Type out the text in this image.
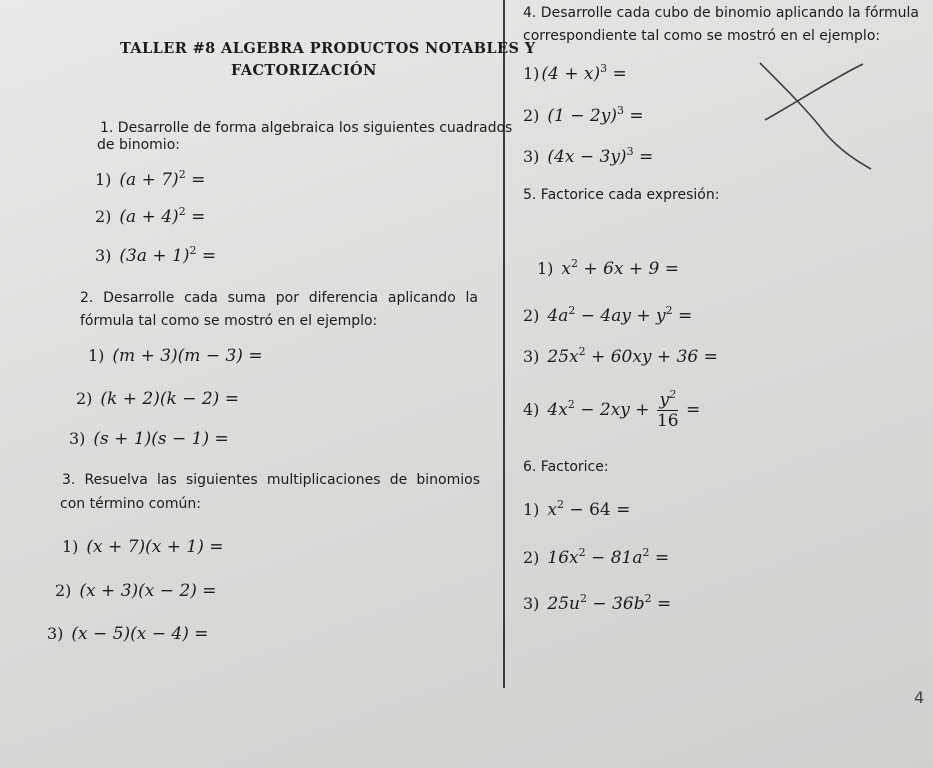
TALLER #8 ALGEBRA PRODUCTOS NOTABLES Y
FACTORIZACIÓN
1. Desarrolle de forma algebraica los siguientes cuadrados
de binomio:
1) $(a + 7)^2$ =
2) $(a + 4)^2$ =
3) $(3a + 1)^2$ =
2. Desarrolle cada suma por diferencia aplicando la
fórmula tal como se mostró en el ejemplo:
1) (m + 3)(m − 3) =
2) (k + 2)(k − 2) =
3) (s + 1)(s − 1) =
3. Resuelva las siguientes multiplicaciones de binomios
con término común:
1) (x + 7)(x + 1) =
2) (x + 3)(x − 2) =
3) (x − 5)(x − 4) =
4. Desarrolle cada cubo de binomio aplicando la fórmula
correspondiente tal como se mostró en el ejemplo:
1) $(4 + x)^3$ =
2) $(1 - 2y)^3$ =
3) $(4x - 3y)^3$ =
5. Factorice cada expresión:
1) $x^2 + 6x + 9$ =
2) $4a^2 - 4ay + y^2$ =
3) $25x^2 + 60xy + 36$ =
4) $4x^2 - 2xy + \frac{y^2}{16}$ =
6. Factorice:
1) $x^2 - 64$ =
2) $16x^2 - 81a^2$ =
3) $25u^2 - 36b^2$ =
4
